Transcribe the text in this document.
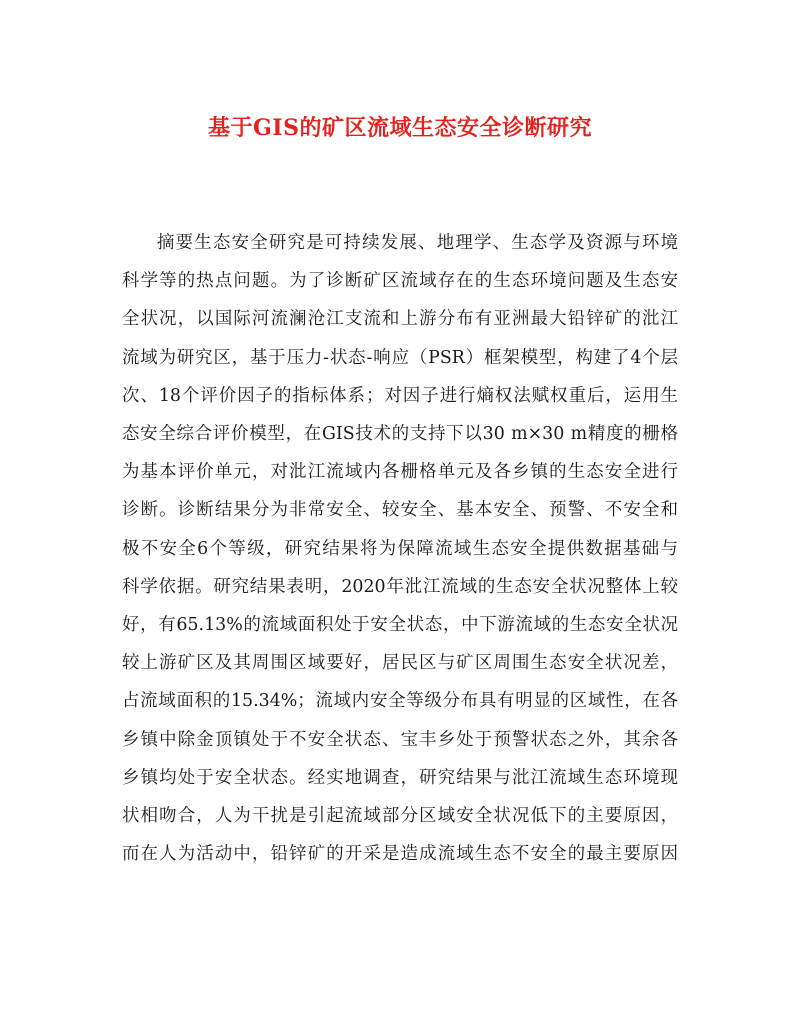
基于GIS的矿区流域生态安全诊断研究
摘要生态安全研究是可持续发展、地理学、生态学及资源与环境
科学等的热点问题。为了诊断矿区流域存在的生态环境问题及生态安
全状况，以国际河流澜沧江支流和上游分布有亚洲最大铅锌矿的沘江
流域为研究区，基于压力-状态-响应（PSR）框架模型，构建了4个层
次、18个评价因子的指标体系；对因子进行熵权法赋权重后，运用生
态安全综合评价模型，在GIS技术的支持下以30 m×30 m精度的栅格
为基本评价单元，对沘江流域内各栅格单元及各乡镇的生态安全进行
诊断。诊断结果分为非常安全、较安全、基本安全、预警、不安全和
极不安全6个等级，研究结果将为保障流域生态安全提供数据基础与
科学依据。研究结果表明，2020年沘江流域的生态安全状况整体上较
好，有65.13%的流域面积处于安全状态，中下游流域的生态安全状况
较上游矿区及其周围区域要好，居民区与矿区周围生态安全状况差，
占流域面积的15.34%；流域内安全等级分布具有明显的区域性，在各
乡镇中除金顶镇处于不安全状态、宝丰乡处于预警状态之外，其余各
乡镇均处于安全状态。经实地调查，研究结果与沘江流域生态环境现
状相吻合，人为干扰是引起流域部分区域安全状况低下的主要原因，
而在人为活动中，铅锌矿的开采是造成流域生态不安全的最主要原因
